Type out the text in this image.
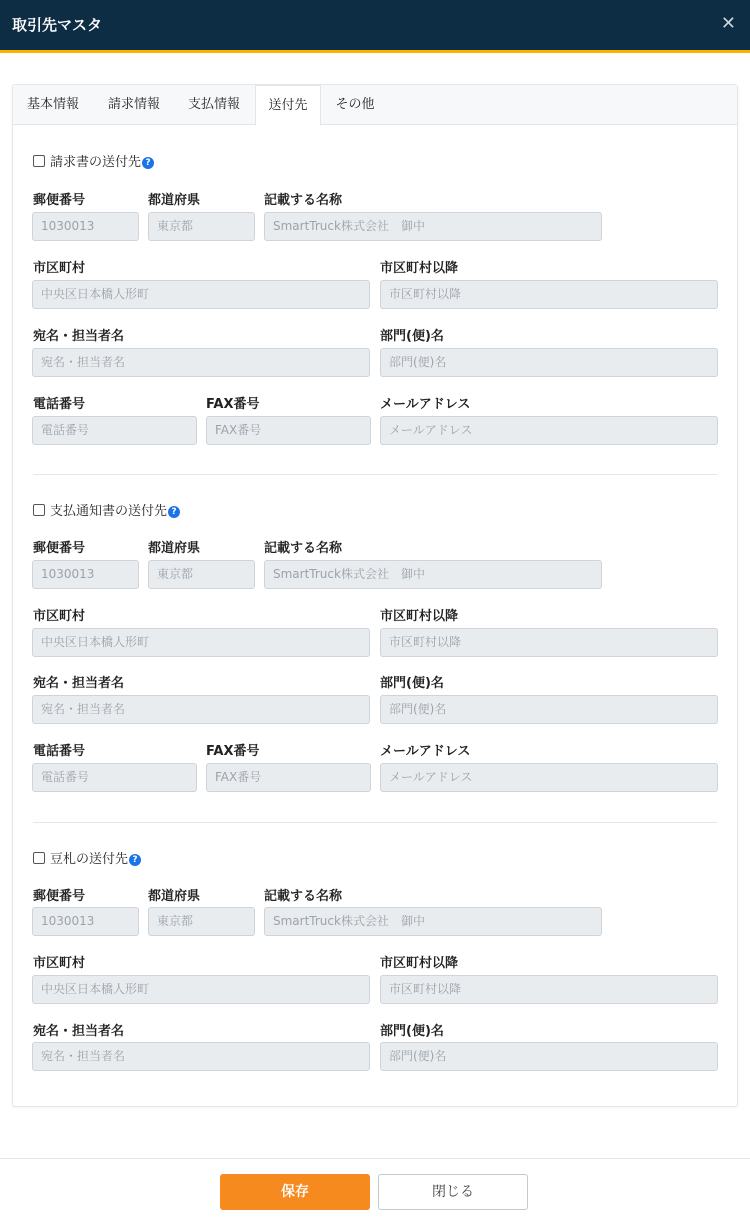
取引先マスタ	✕
基本情報	請求情報	支払情報	送付先	その他
請求書の送付先 ?
郵便番号	都道府県	記載する名称
1030013	東京都	SmartTruck株式会社　御中
市区町村	市区町村以降
中央区日本橋人形町	市区町村以降
宛名・担当者名	部門(便)名
宛名・担当者名	部門(便)名
電話番号	FAX番号	メールアドレス
電話番号	FAX番号	メールアドレス
支払通知書の送付先 ?
郵便番号	都道府県	記載する名称
1030013	東京都	SmartTruck株式会社　御中
市区町村	市区町村以降
中央区日本橋人形町	市区町村以降
宛名・担当者名	部門(便)名
宛名・担当者名	部門(便)名
電話番号	FAX番号	メールアドレス
電話番号	FAX番号	メールアドレス
豆札の送付先 ?
郵便番号	都道府県	記載する名称
1030013	東京都	SmartTruck株式会社　御中
市区町村	市区町村以降
中央区日本橋人形町	市区町村以降
宛名・担当者名	部門(便)名
宛名・担当者名	部門(便)名
保存	閉じる
